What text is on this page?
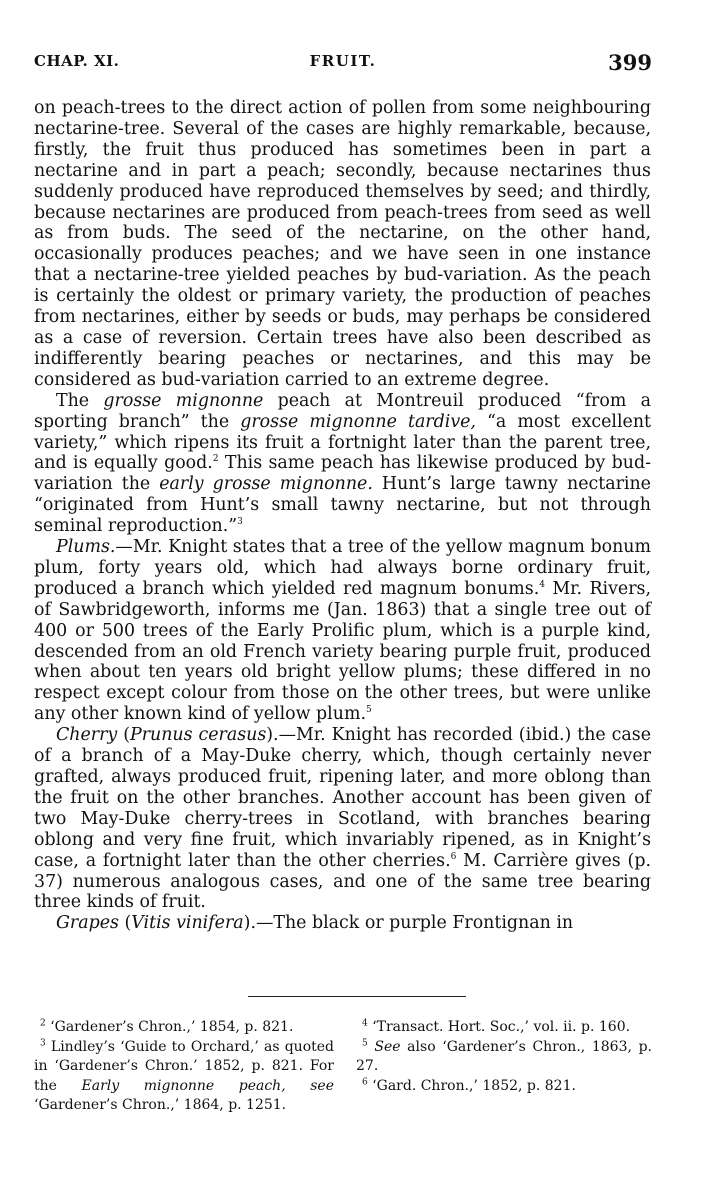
CHAP. XI.	FRUIT.	399

on peach-trees to the direct action of pollen from some neighbouring nectarine-tree. Several of the cases are highly remarkable, because, firstly, the fruit thus produced has sometimes been in part a nectarine and in part a peach; secondly, because nectarines thus suddenly produced have reproduced themselves by seed; and thirdly, because nectarines are produced from peach-trees from seed as well as from buds. The seed of the nectarine, on the other hand, occasionally produces peaches; and we have seen in one instance that a nectarine-tree yielded peaches by bud-variation. As the peach is certainly the oldest or primary variety, the production of peaches from nectarines, either by seeds or buds, may perhaps be considered as a case of reversion. Certain trees have also been described as indifferently bearing peaches or nectarines, and this may be considered as bud-variation carried to an extreme degree.

The grosse mignonne peach at Montreuil produced “from a sporting branch” the grosse mignonne tardive, “a most excellent variety,” which ripens its fruit a fortnight later than the parent tree, and is equally good.$^2$ This same peach has likewise produced by bud-variation the early grosse mignonne. Hunt’s large tawny nectarine “originated from Hunt’s small tawny nectarine, but not through seminal reproduction.”$^3$

Plums.—Mr. Knight states that a tree of the yellow magnum bonum plum, forty years old, which had always borne ordinary fruit, produced a branch which yielded red magnum bonums.$^4$ Mr. Rivers, of Sawbridgeworth, informs me (Jan. 1863) that a single tree out of 400 or 500 trees of the Early Prolific plum, which is a purple kind, descended from an old French variety bearing purple fruit, produced when about ten years old bright yellow plums; these differed in no respect except colour from those on the other trees, but were unlike any other known kind of yellow plum.$^5$

Cherry (Prunus cerasus).—Mr. Knight has recorded (ibid.) the case of a branch of a May-Duke cherry, which, though certainly never grafted, always produced fruit, ripening later, and more oblong than the fruit on the other branches. Another account has been given of two May-Duke cherry-trees in Scotland, with branches bearing oblong and very fine fruit, which invariably ripened, as in Knight’s case, a fortnight later than the other cherries.$^6$ M. Carrière gives (p. 37) numerous analogous cases, and one of the same tree bearing three kinds of fruit.

Grapes (Vitis vinifera).—The black or purple Frontignan in

$^2$ ‘Gardener’s Chron.,’ 1854, p. 821.

$^3$ Lindley’s ‘Guide to Orchard,’ as quoted in ‘Gardener’s Chron.’ 1852, p. 821. For the Early mignonne peach, see ‘Gardener’s Chron.,’ 1864, p. 1251.

$^4$ ‘Transact. Hort. Soc.,’ vol. ii. p. 160.

$^5$ See also ‘Gardener’s Chron., 1863, p. 27.

$^6$ ‘Gard. Chron.,’ 1852, p. 821.
